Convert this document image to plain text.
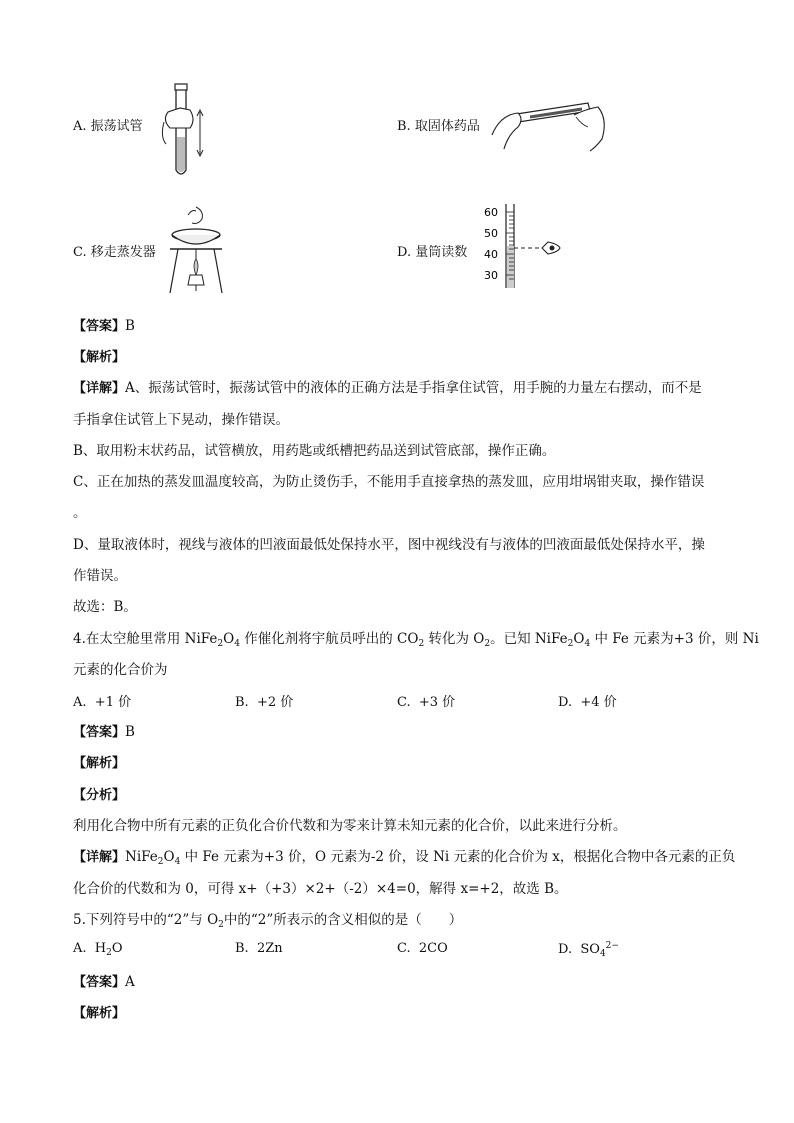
A. 振荡试管	B. 取固体药品
C. 移走蒸发器	D. 量筒读数
60
50
40
30
【答案】B
【解析】
【详解】A、振荡试管时，振荡试管中的液体的正确方法是手指拿住试管，用手腕的力量左右摆动，而不是
手指拿住试管上下晃动，操作错误。
B、取用粉末状药品，试管横放，用药匙或纸槽把药品送到试管底部，操作正确。
C、正在加热的蒸发皿温度较高，为防止烫伤手，不能用手直接拿热的蒸发皿，应用坩埚钳夹取，操作错误
。
D、量取液体时，视线与液体的凹液面最低处保持水平，图中视线没有与液体的凹液面最低处保持水平，操
作错误。
故选：B。
4.在太空舱里常用 $NiFe_2O_4$ 作催化剂将宇航员呼出的 $CO_2$ 转化为 $O_2$。已知 $NiFe_2O_4$ 中 Fe 元素为+3 价，则 Ni
元素的化合价为
A. +1 价	B. +2 价	C. +3 价	D. +4 价
【答案】B
【解析】
【分析】
利用化合物中所有元素的正负化合价代数和为零来计算未知元素的化合价，以此来进行分析。
【详解】$NiFe_2O_4$ 中 Fe 元素为+3 价，O 元素为-2 价，设 Ni 元素的化合价为 x，根据化合物中各元素的正负
化合价的代数和为 0，可得 x+（+3）×2+（-2）×4=0，解得 x=+2，故选 B。
5.下列符号中的“2”与 $O_2$中的“2”所表示的含义相似的是（　　）
A. $H_2O$	B. 2Zn	C. 2CO	D. $SO_4^{2-}$
【答案】A
【解析】
